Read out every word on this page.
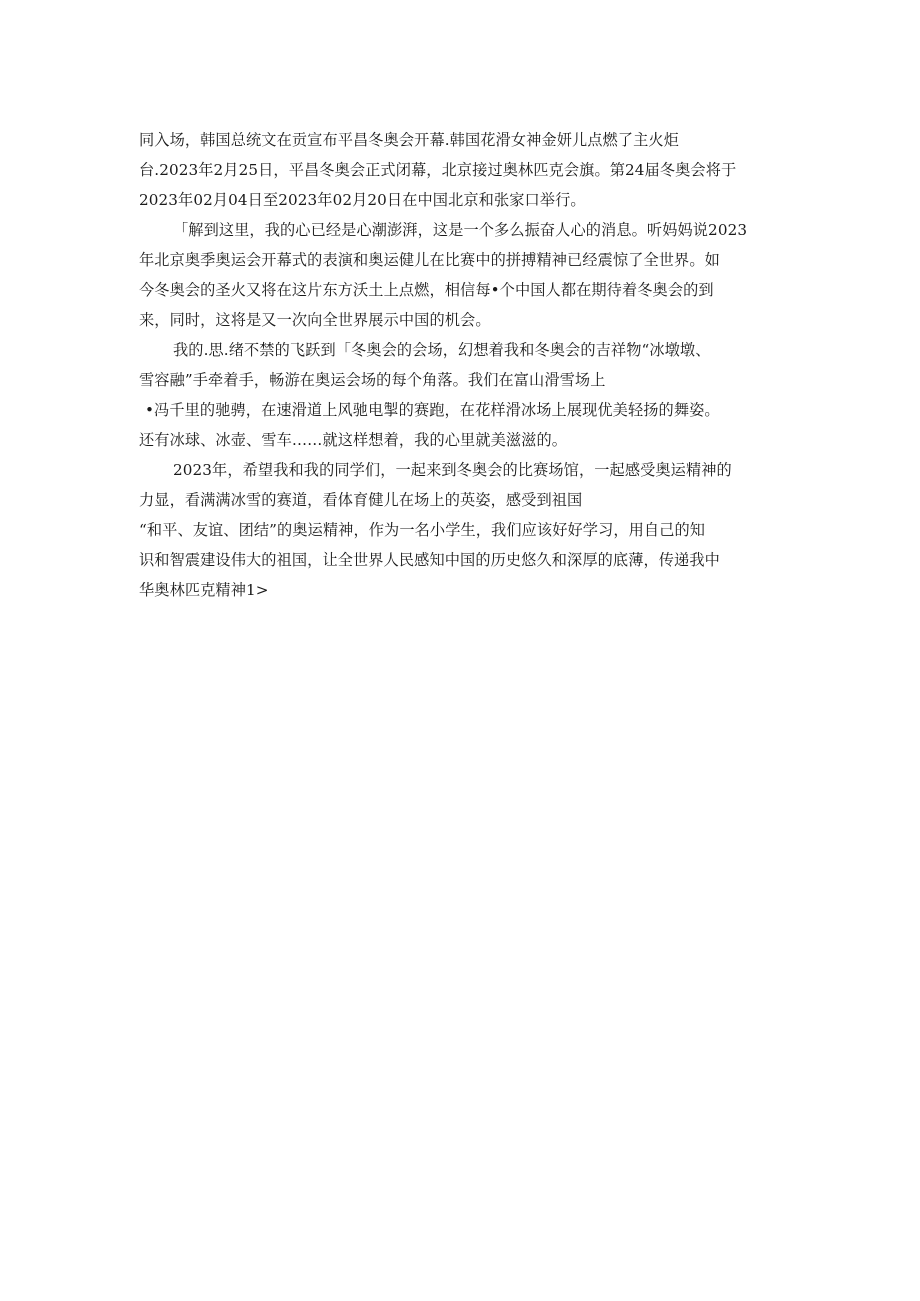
同入场，韩国总统文在贡宣布平昌冬奥会开幕.韩国花滑女神金妍儿点燃了主火炬
台.2023年2月25日，平昌冬奥会正式闭幕，北京接过奥林匹克会旗。第24届冬奥会将于
2023年02月04日至2023年02月20日在中国北京和张家口举行。
「解到这里，我的心已经是心潮澎湃，这是一个多么振奋人心的消息。听妈妈说2023
年北京奥季奥运会开幕式的表演和奥运健儿在比赛中的拼搏精神已经震惊了全世界。如
今冬奥会的圣火又将在这片东方沃土上点燃，相信每•个中国人都在期待着冬奥会的到
来，同时，这将是又一次向全世界展示中国的机会。
我的.思.绪不禁的飞跃到「冬奥会的会场，幻想着我和冬奥会的吉祥物“冰墩墩、
雪容融”手牵着手，畅游在奥运会场的每个角落。我们在富山滑雪场上
•冯千里的驰骋，在速滑道上风驰电掣的赛跑，在花样滑冰场上展现优美轻扬的舞姿。
还有冰球、冰壶、雪车……就这样想着，我的心里就美滋滋的。
2023年，希望我和我的同学们，一起来到冬奥会的比赛场馆，一起感受奥运精神的
力显，看满满冰雪的赛道，看体育健儿在场上的英姿，感受到祖国
“和平、友谊、团结”的奥运精神，作为一名小学生，我们应该好好学习，用自己的知
识和智震建设伟大的祖国，让全世界人民感知中国的历史悠久和深厚的底薄，传递我中
华奥林匹克精神1>
